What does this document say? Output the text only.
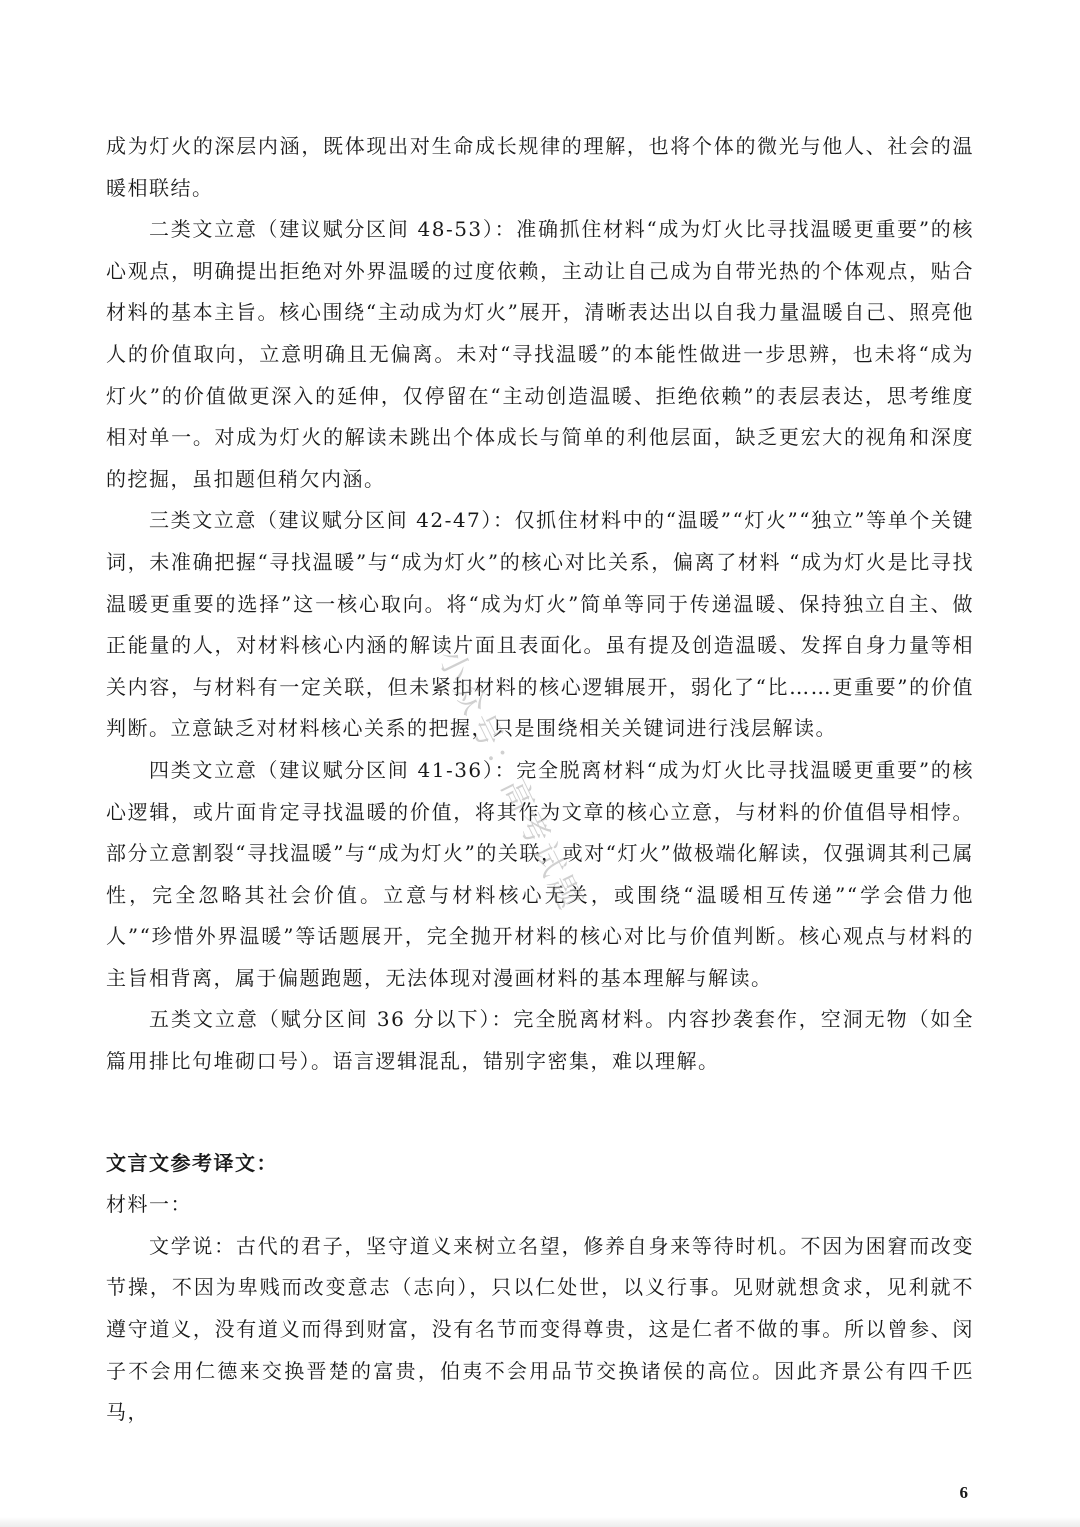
成为灯火的深层内涵，既体现出对生命成长规律的理解，也将个体的微光与他人、社会的温暖相联结。

二类文立意（建议赋分区间 48-53）：准确抓住材料“成为灯火比寻找温暖更重要”的核心观点，明确提出拒绝对外界温暖的过度依赖，主动让自己成为自带光热的个体观点，贴合材料的基本主旨。核心围绕“主动成为灯火”展开，清晰表达出以自我力量温暖自己、照亮他人的价值取向，立意明确且无偏离。未对“寻找温暖”的本能性做进一步思辨，也未将“成为灯火”的价值做更深入的延伸，仅停留在“主动创造温暖、拒绝依赖”的表层表达，思考维度相对单一。对成为灯火的解读未跳出个体成长与简单的利他层面，缺乏更宏大的视角和深度的挖掘，虽扣题但稍欠内涵。

三类文立意（建议赋分区间 42-47）：仅抓住材料中的“温暖”“灯火”“独立”等单个关键词，未准确把握“寻找温暖”与“成为灯火”的核心对比关系，偏离了材料 “成为灯火是比寻找温暖更重要的选择”这一核心取向。将“成为灯火”简单等同于传递温暖、保持独立自主、做正能量的人，对材料核心内涵的解读片面且表面化。虽有提及创造温暖、发挥自身力量等相关内容，与材料有一定关联，但未紧扣材料的核心逻辑展开，弱化了“比……更重要”的价值判断。立意缺乏对材料核心关系的把握，只是围绕相关关键词进行浅层解读。

四类文立意（建议赋分区间 41-36）：完全脱离材料“成为灯火比寻找温暖更重要”的核心逻辑，或片面肯定寻找温暖的价值，将其作为文章的核心立意，与材料的价值倡导相悖。部分立意割裂“寻找温暖”与“成为灯火”的关联，或对“灯火”做极端化解读，仅强调其利己属性，完全忽略其社会价值。立意与材料核心无关，或围绕“温暖相互传递”“学会借力他人”“珍惜外界温暖”等话题展开，完全抛开材料的核心对比与价值判断。核心观点与材料的主旨相背离，属于偏题跑题，无法体现对漫画材料的基本理解与解读。

五类文立意（赋分区间 36 分以下）：完全脱离材料。内容抄袭套作，空洞无物（如全篇用排比句堆砌口号）。语言逻辑混乱，错别字密集，难以理解。

文言文参考译文：
材料一：

文学说：古代的君子，坚守道义来树立名望，修养自身来等待时机。不因为困窘而改变节操，不因为卑贱而改变意志（志向），只以仁处世，以义行事。见财就想贪求，见利就不遵守道义，没有道义而得到财富，没有名节而变得尊贵，这是仁者不做的事。所以曾参、闵子不会用仁德来交换晋楚的富贵，伯夷不会用品节交换诸侯的高位。因此齐景公有四千匹马，

小众号：高考试题
6
